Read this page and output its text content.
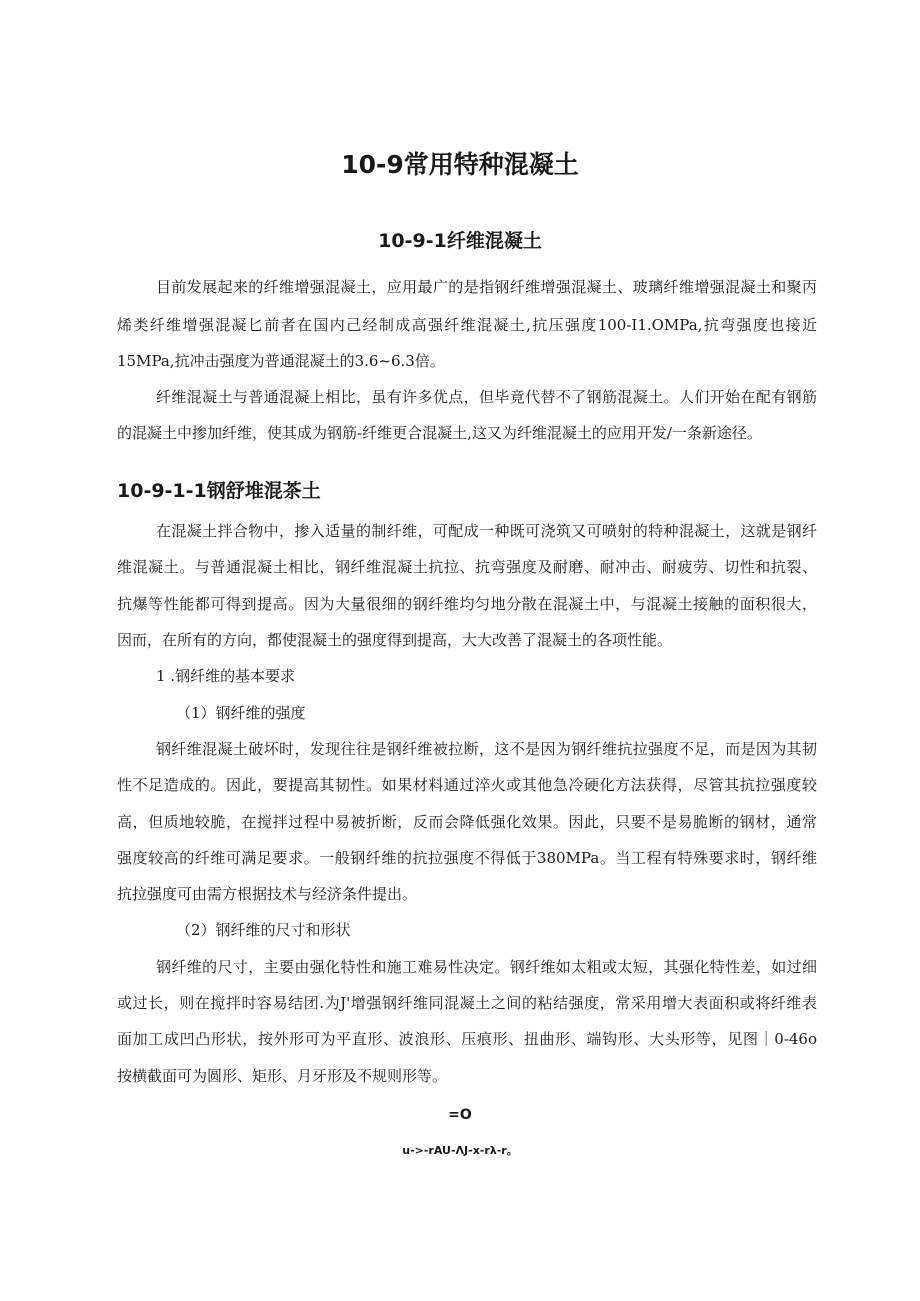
10-9常用特种混凝土
10-9-1纤维混凝土
目前发展起来的纤维增强混凝土，应用最广的是指钢纤维增强混凝土、玻璃纤维增强混凝土和聚丙
烯类纤维增强混凝匕前者在国内己经制成高强纤维混凝土,抗压强度100-I1.OMPa,抗弯强度也接近
15MPa,抗冲击强度为普通混凝土的3.6~6.3倍。
纤维混凝土与普通混凝上相比，虽有许多优点，但毕竟代替不了钢筋混凝土。人们开始在配有钢筋
的混凝土中掺加纤维，使其成为钢筋-纤维更合混凝土,这又为纤维混凝土的应用开发/一条新途径。
10-9-1-1钢舒堆混茶土
在混凝土拌合物中，掺入适量的制纤维，可配成一种既可浇筑又可喷射的特种混凝土，这就是钢纤
维混凝土。与普通混凝土相比，钢纤维混凝土抗拉、抗弯强度及耐磨、耐冲击、耐疲劳、切性和抗裂、
抗爆等性能都可得到提高。因为大量很细的钢纤维均匀地分散在混凝土中，与混凝土接触的面积很大，
因而，在所有的方向，都使混凝土的强度得到提高，大大改善了混凝土的各项性能。
1 .钢纤维的基本要求
（1）钢纤维的强度
钢纤维混凝土破坏时，发现往往是钢纤维被拉断，这不是因为钢纤维抗拉强度不足，而是因为其韧
性不足造成的。因此，要提高其韧性。如果材料通过淬火或其他急冷硬化方法获得，尽管其抗拉强度较
高，但质地较脆，在搅拌过程中易被折断，反而会降低强化效果。因此，只要不是易脆断的钢材，通常
强度较高的纤维可满足要求。一般钢纤维的抗拉强度不得低于380MPa。当工程有特殊要求时，钢纤维
抗拉强度可由需方根据技术与经济条件提出。
（2）钢纤维的尺寸和形状
钢纤维的尺寸，主要由强化特性和施工难易性决定。钢纤维如太粗或太短，其强化特性差，如过细
或过长，则在搅拌时容易结团.为J'增强钢纤维同混凝土之间的粘结强度，常采用增大表面积或将纤维表
面加工成凹凸形状，按外形可为平直形、波浪形、压痕形、扭曲形、端钩形、大头形等，见图｜0-46o
按横截面可为圆形、矩形、月牙形及不规则形等。
=O
u->-rAU-ΛJ-x-rλ-r。
